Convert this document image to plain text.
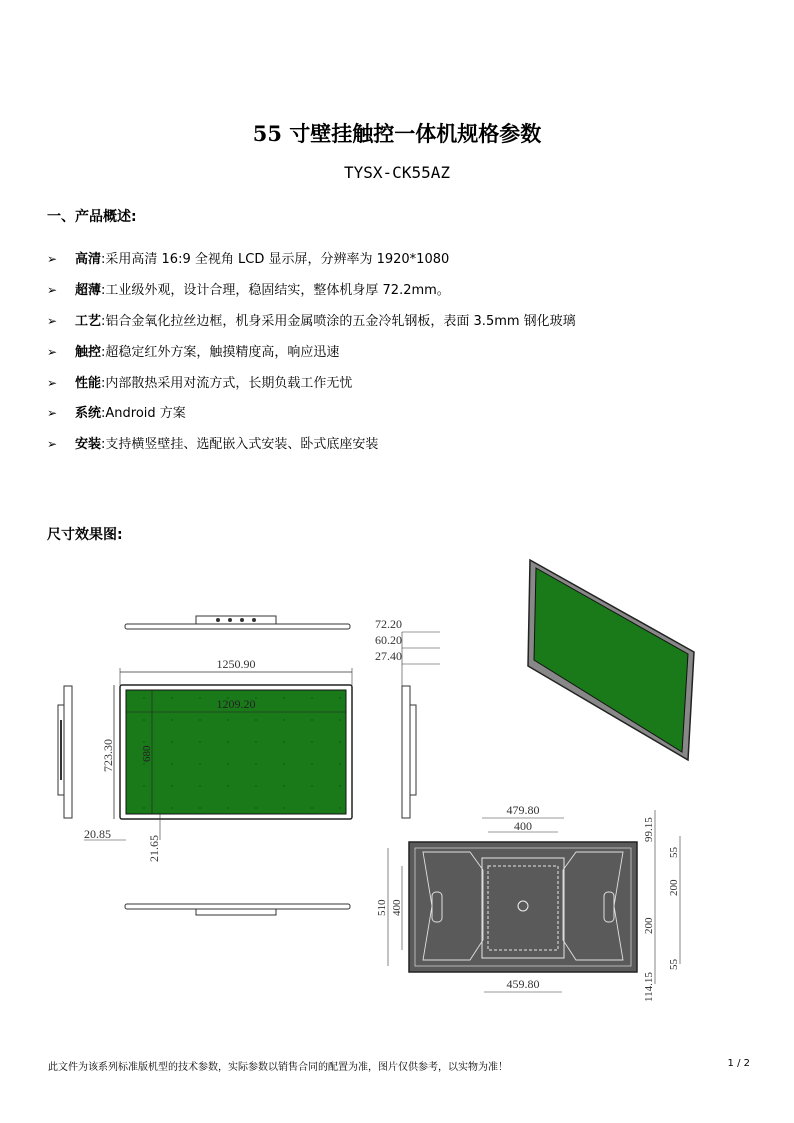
55 寸壁挂触控一体机规格参数
TYSX-CK55AZ
一、产品概述:
➢ 高清:采用高清 16:9 全视角 LCD 显示屏，分辨率为 1920*1080
➢ 超薄:工业级外观，设计合理，稳固结实，整体机身厚 72.2mm。
➢ 工艺:铝合金氧化拉丝边框，机身采用金属喷涂的五金冷轧钢板，表面 3.5mm 钢化玻璃
➢ 触控:超稳定红外方案，触摸精度高，响应迅速
➢ 性能:内部散热采用对流方式，长期负载工作无忧
➢ 系统:Android 方案
➢ 安装:支持横竖壁挂、选配嵌入式安装、卧式底座安装
尺寸效果图:
1250.90
1209.20
723.30 680
20.85
21.65
72.20
60.20
27.40
479.80
400
459.80
510 400
99.15
55
200
200
55
114.15
此文件为该系列标准版机型的技术参数，实际参数以销售合同的配置为准，图片仅供参考，以实物为准！	1 / 2
